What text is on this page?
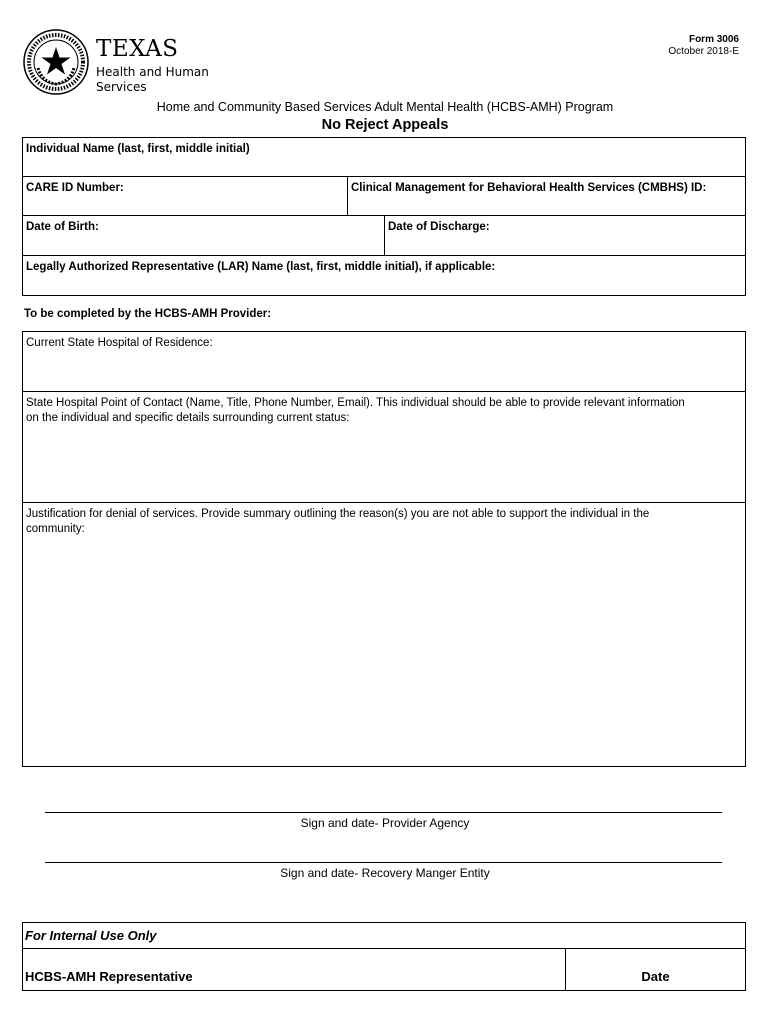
TEXAS
Health and Human
Services
Form 3006
October 2018-E
Home and Community Based Services Adult Mental Health (HCBS-AMH) Program
No Reject Appeals
Individual Name (last, first, middle initial)
CARE ID Number:	Clinical Management for Behavioral Health Services (CMBHS) ID:
Date of Birth:	Date of Discharge:
Legally Authorized Representative (LAR) Name (last, first, middle initial), if applicable:
To be completed by the HCBS-AMH Provider:
Current State Hospital of Residence:
State Hospital Point of Contact (Name, Title, Phone Number, Email). This individual should be able to provide relevant information
on the individual and specific details surrounding current status:
Justification for denial of services. Provide summary outlining the reason(s) you are not able to support the individual in the
community:
Sign and date- Provider Agency
Sign and date- Recovery Manger Entity
For Internal Use Only
HCBS-AMH Representative	Date
